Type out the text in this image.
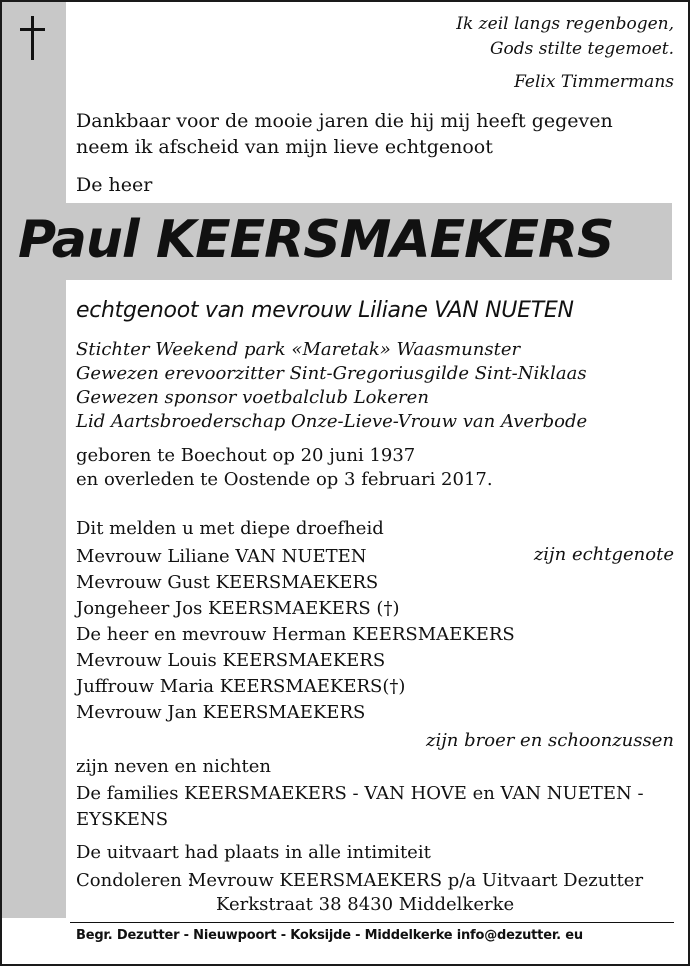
Ik zeil langs regenbogen,
Gods stilte tegemoet.
Felix Timmermans
Dankbaar voor de mooie jaren die hij mij heeft gegeven
neem ik afscheid van mijn lieve echtgenoot
De heer
Paul KEERSMAEKERS
echtgenoot van mevrouw Liliane VAN NUETEN
Stichter Weekend park «Maretak» Waasmunster
Gewezen erevoorzitter Sint-Gregoriusgilde Sint-Niklaas
Gewezen sponsor voetbalclub Lokeren
Lid Aartsbroederschap Onze-Lieve-Vrouw van Averbode
geboren te Boechout op 20 juni 1937
en overleden te Oostende op 3 februari 2017.
Dit melden u met diepe droefheid
Mevrouw Liliane VAN NUETEN
Mevrouw Gust KEERSMAEKERS
Jongeheer Jos KEERSMAEKERS (†)
De heer en mevrouw Herman KEERSMAEKERS
Mevrouw Louis KEERSMAEKERS
Juffrouw Maria KEERSMAEKERS(†)
Mevrouw Jan KEERSMAEKERS
zijn echtgenote
zijn broer en schoonzussen
zijn neven en nichten
De families KEERSMAEKERS - VAN HOVE en VAN NUETEN -
EYSKENS
De uitvaart had plaats in alle intimiteit
Condoleren :Mevrouw KEERSMAEKERS p/a Uitvaart Dezutter
Kerkstraat 38 8430 Middelkerke
Begr. Dezutter - Nieuwpoort - Koksijde - Middelkerke info@dezutter. eu
